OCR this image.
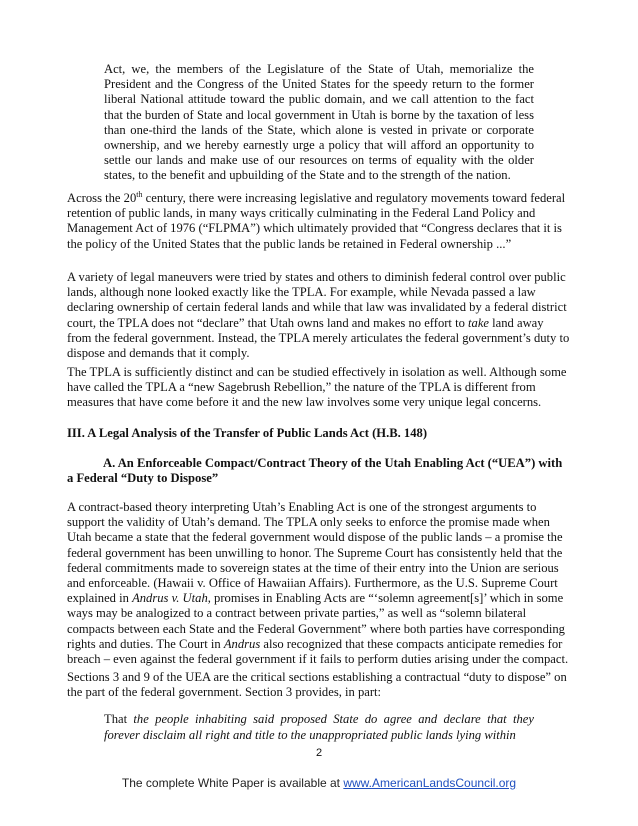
Act, we, the members of the Legislature of the State of Utah, memorialize the President and the Congress of the United States for the speedy return to the former liberal National attitude toward the public domain, and we call attention to the fact that the burden of State and local government in Utah is borne by the taxation of less than one-third the lands of the State, which alone is vested in private or corporate ownership, and we hereby earnestly urge a policy that will afford an opportunity to settle our lands and make use of our resources on terms of equality with the older states, to the benefit and upbuilding of the State and to the strength of the nation.

Across the 20th century, there were increasing legislative and regulatory movements toward federal retention of public lands, in many ways critically culminating in the Federal Land Policy and Management Act of 1976 (“FLPMA”) which ultimately provided that “Congress declares that it is the policy of the United States that the public lands be retained in Federal ownership ...”

A variety of legal maneuvers were tried by states and others to diminish federal control over public lands, although none looked exactly like the TPLA. For example, while Nevada passed a law declaring ownership of certain federal lands and while that law was invalidated by a federal district court, the TPLA does not “declare” that Utah owns land and makes no effort to take land away from the federal government. Instead, the TPLA merely articulates the federal government’s duty to dispose and demands that it comply.

The TPLA is sufficiently distinct and can be studied effectively in isolation as well. Although some have called the TPLA a “new Sagebrush Rebellion,” the nature of the TPLA is different from measures that have come before it and the new law involves some very unique legal concerns.

III. A Legal Analysis of the Transfer of Public Lands Act (H.B. 148)

A. An Enforceable Compact/Contract Theory of the Utah Enabling Act (“UEA”) with

a Federal “Duty to Dispose”

A contract-based theory interpreting Utah’s Enabling Act is one of the strongest arguments to support the validity of Utah’s demand. The TPLA only seeks to enforce the promise made when Utah became a state that the federal government would dispose of the public lands – a promise the federal government has been unwilling to honor. The Supreme Court has consistently held that the federal commitments made to sovereign states at the time of their entry into the Union are serious and enforceable. (Hawaii v. Office of Hawaiian Affairs). Furthermore, as the U.S. Supreme Court explained in Andrus v. Utah, promises in Enabling Acts are “‘solemn agreement[s]’ which in some ways may be analogized to a contract between private parties,” as well as “solemn bilateral compacts between each State and the Federal Government” where both parties have corresponding rights and duties. The Court in Andrus also recognized that these compacts anticipate remedies for breach – even against the federal government if it fails to perform duties arising under the compact.

Sections 3 and 9 of the UEA are the critical sections establishing a contractual “duty to dispose” on the part of the federal government. Section 3 provides, in part:

That the people inhabiting said proposed State do agree and declare that they forever disclaim all right and title to the unappropriated public lands lying within
2
The complete White Paper is available at www.AmericanLandsCouncil.org
